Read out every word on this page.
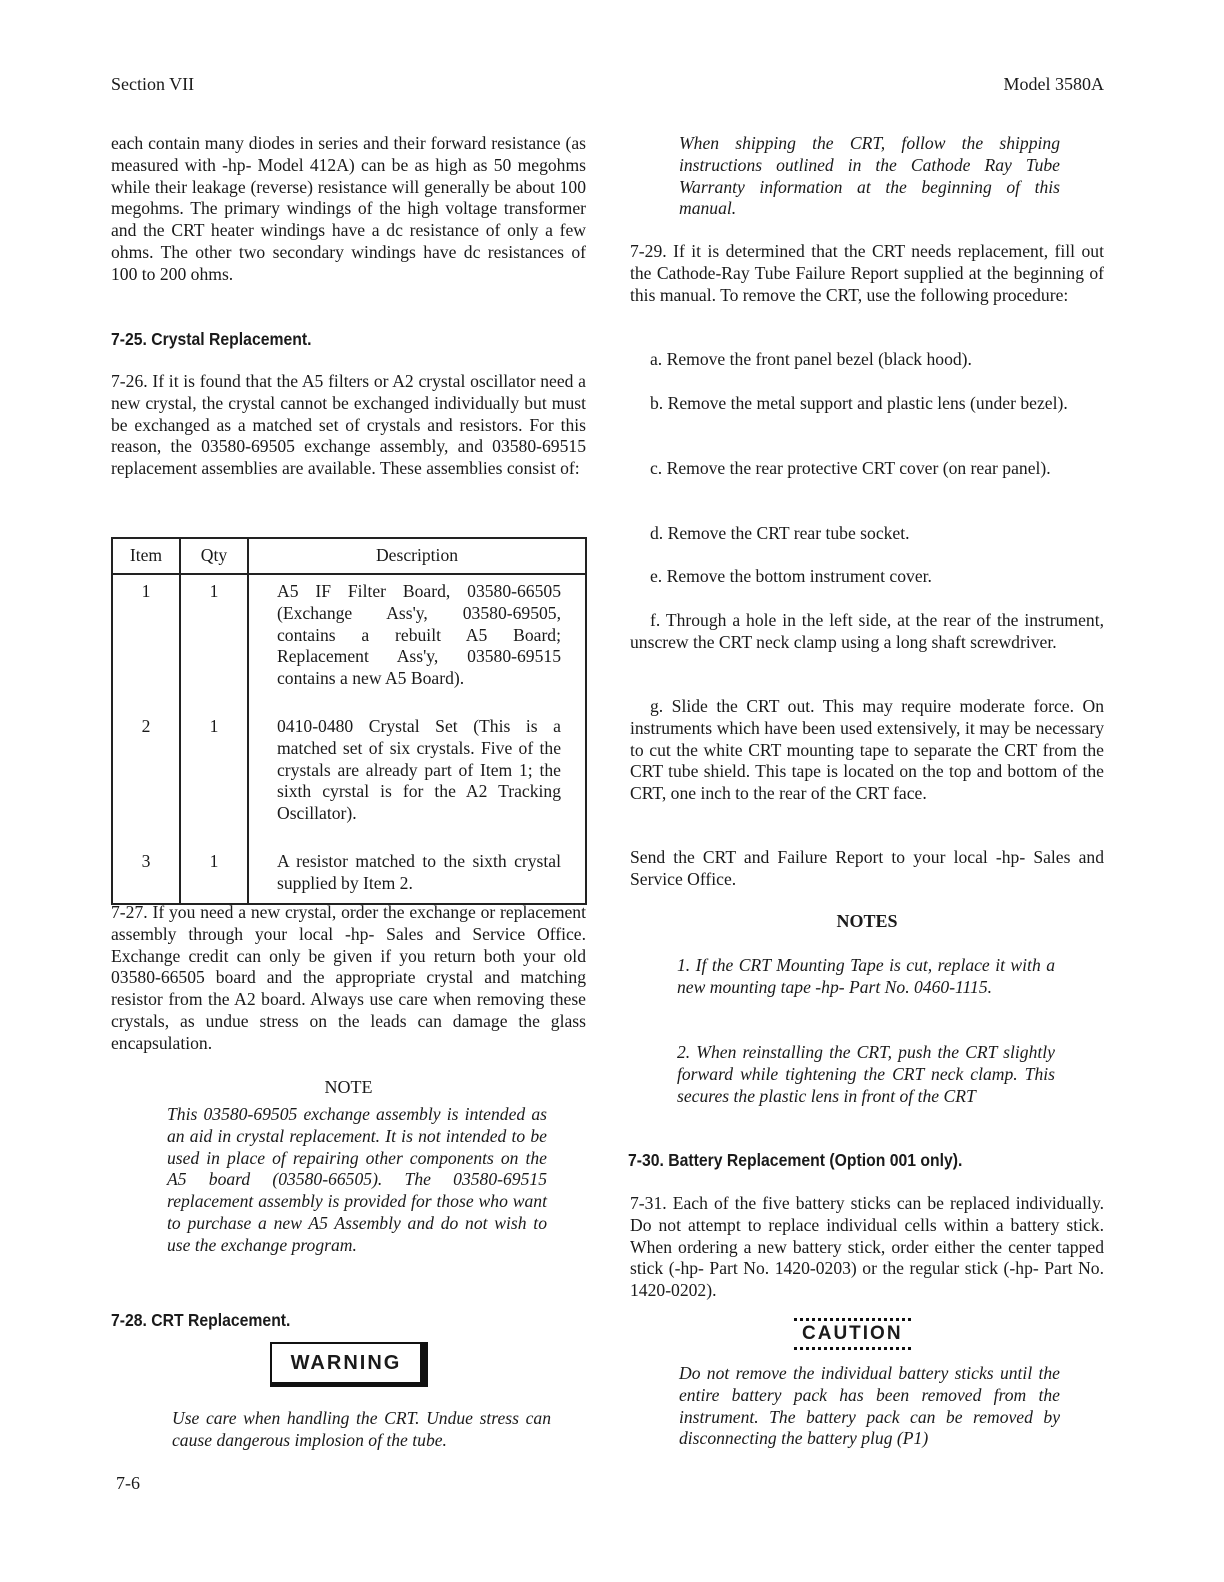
Section VII	Model 3580A

each contain many diodes in series and their forward resistance (as measured with -hp- Model 412A) can be as high as 50 megohms while their leakage (reverse) resistance will generally be about 100 megohms. The primary windings of the high voltage transformer and the CRT heater windings have a dc resistance of only a few ohms. The other two secondary windings have dc resistances of 100 to 200 ohms.

7-25. Crystal Replacement.

7-26. If it is found that the A5 filters or A2 crystal oscillator need a new crystal, the crystal cannot be exchanged individually but must be exchanged as a matched set of crystals and resistors. For this reason, the 03580-69505 exchange assembly, and 03580-69515 replacement assemblies are available. These assemblies consist of:

Item	Qty	Description
1	1	A5 IF Filter Board, 03580-66505 (Exchange Ass'y, 03580-69505, contains a rebuilt A5 Board; Replacement Ass'y, 03580-69515 contains a new A5 Board).
2	1	0410-0480 Crystal Set (This is a matched set of six crystals. Five of the crystals are already part of Item 1; the sixth cyrstal is for the A2 Tracking Oscillator).
3	1	A resistor matched to the sixth crystal supplied by Item 2.

7-27. If you need a new crystal, order the exchange or replacement assembly through your local -hp- Sales and Service Office. Exchange credit can only be given if you return both your old 03580-66505 board and the appropriate crystal and matching resistor from the A2 board. Always use care when removing these crystals, as undue stress on the leads can damage the glass encapsulation.

NOTE

This 03580-69505 exchange assembly is intended as an aid in crystal replacement. It is not intended to be used in place of repairing other components on the A5 board (03580-66505). The 03580-69515 replacement assembly is provided for those who want to purchase a new A5 Assembly and do not wish to use the exchange program.

7-28. CRT Replacement.
WARNING

Use care when handling the CRT. Undue stress can cause dangerous implosion of the tube.

7-6

When shipping the CRT, follow the shipping instructions outlined in the Cathode Ray Tube Warranty information at the beginning of this manual.

7-29. If it is determined that the CRT needs replacement, fill out the Cathode-Ray Tube Failure Report supplied at the beginning of this manual. To remove the CRT, use the following procedure:

a. Remove the front panel bezel (black hood).

b. Remove the metal support and plastic lens (under bezel).

c. Remove the rear protective CRT cover (on rear panel).

d. Remove the CRT rear tube socket.

e. Remove the bottom instrument cover.

f. Through a hole in the left side, at the rear of the instrument, unscrew the CRT neck clamp using a long shaft screwdriver.

g. Slide the CRT out. This may require moderate force. On instruments which have been used extensively, it may be necessary to cut the white CRT mounting tape to separate the CRT from the CRT tube shield. This tape is located on the top and bottom of the CRT, one inch to the rear of the CRT face.

Send the CRT and Failure Report to your local -hp- Sales and Service Office.

NOTES

1. If the CRT Mounting Tape is cut, replace it with a new mounting tape -hp- Part No. 0460-1115.

2. When reinstalling the CRT, push the CRT slightly forward while tightening the CRT neck clamp. This secures the plastic lens in front of the CRT

7-30. Battery Replacement (Option 001 only).

7-31. Each of the five battery sticks can be replaced individually. Do not attempt to replace individual cells within a battery stick. When ordering a new battery stick, order either the center tapped stick (-hp- Part No. 1420-0203) or the regular stick (-hp- Part No. 1420-0202).

CAUTION

Do not remove the individual battery sticks until the entire battery pack has been removed from the instrument. The battery pack can be removed by disconnecting the battery plug (P1)
